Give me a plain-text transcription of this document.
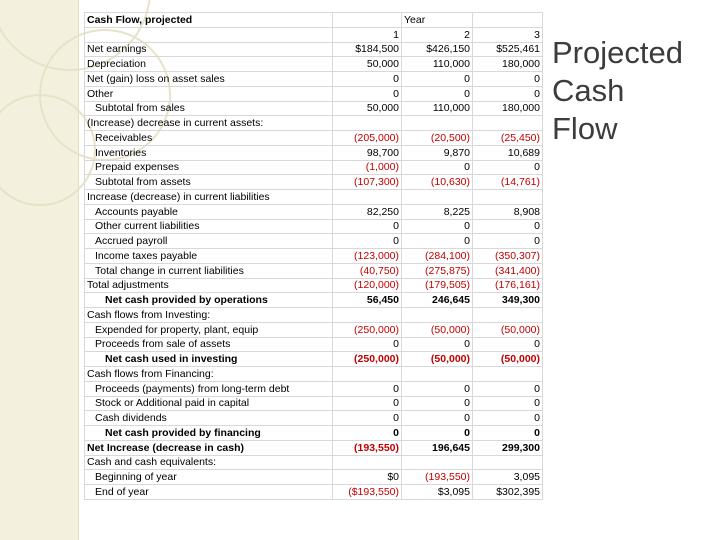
Cash Flow, projected		Year	
	1	2	3
Net earnings	$184,500	$426,150	$525,461
Depreciation	50,000	110,000	180,000
Net (gain) loss on asset sales	0	0	0
Other	0	0	0
Subtotal from sales	50,000	110,000	180,000
(Increase) decrease in current assets:			
Receivables	(205,000)	(20,500)	(25,450)
Inventories	98,700	9,870	10,689
Prepaid expenses	(1,000)	0	0
Subtotal from assets	(107,300)	(10,630)	(14,761)
Increase (decrease) in current liabilities			
Accounts payable	82,250	8,225	8,908
Other current liabilities	0	0	0
Accrued payroll	0	0	0
Income taxes payable	(123,000)	(284,100)	(350,307)
Total change in current liabilities	(40,750)	(275,875)	(341,400)
Total adjustments	(120,000)	(179,505)	(176,161)
Net cash provided by operations	56,450	246,645	349,300
Cash flows from Investing:			
Expended for property, plant, equip	(250,000)	(50,000)	(50,000)
Proceeds from sale of assets	0	0	0
Net cash used in investing	(250,000)	(50,000)	(50,000)
Cash flows from Financing:			
Proceeds (payments) from long-term debt	0	0	0
Stock or Additional paid in capital	0	0	0
Cash dividends	0	0	0
Net cash provided by financing	0	0	0
Net Increase (decrease in cash)	(193,550)	196,645	299,300
Cash and cash equivalents:			
Beginning of year	$0	(193,550)	3,095
End of year	($193,550)	$3,095	$302,395
Projected
Cash
Flow
